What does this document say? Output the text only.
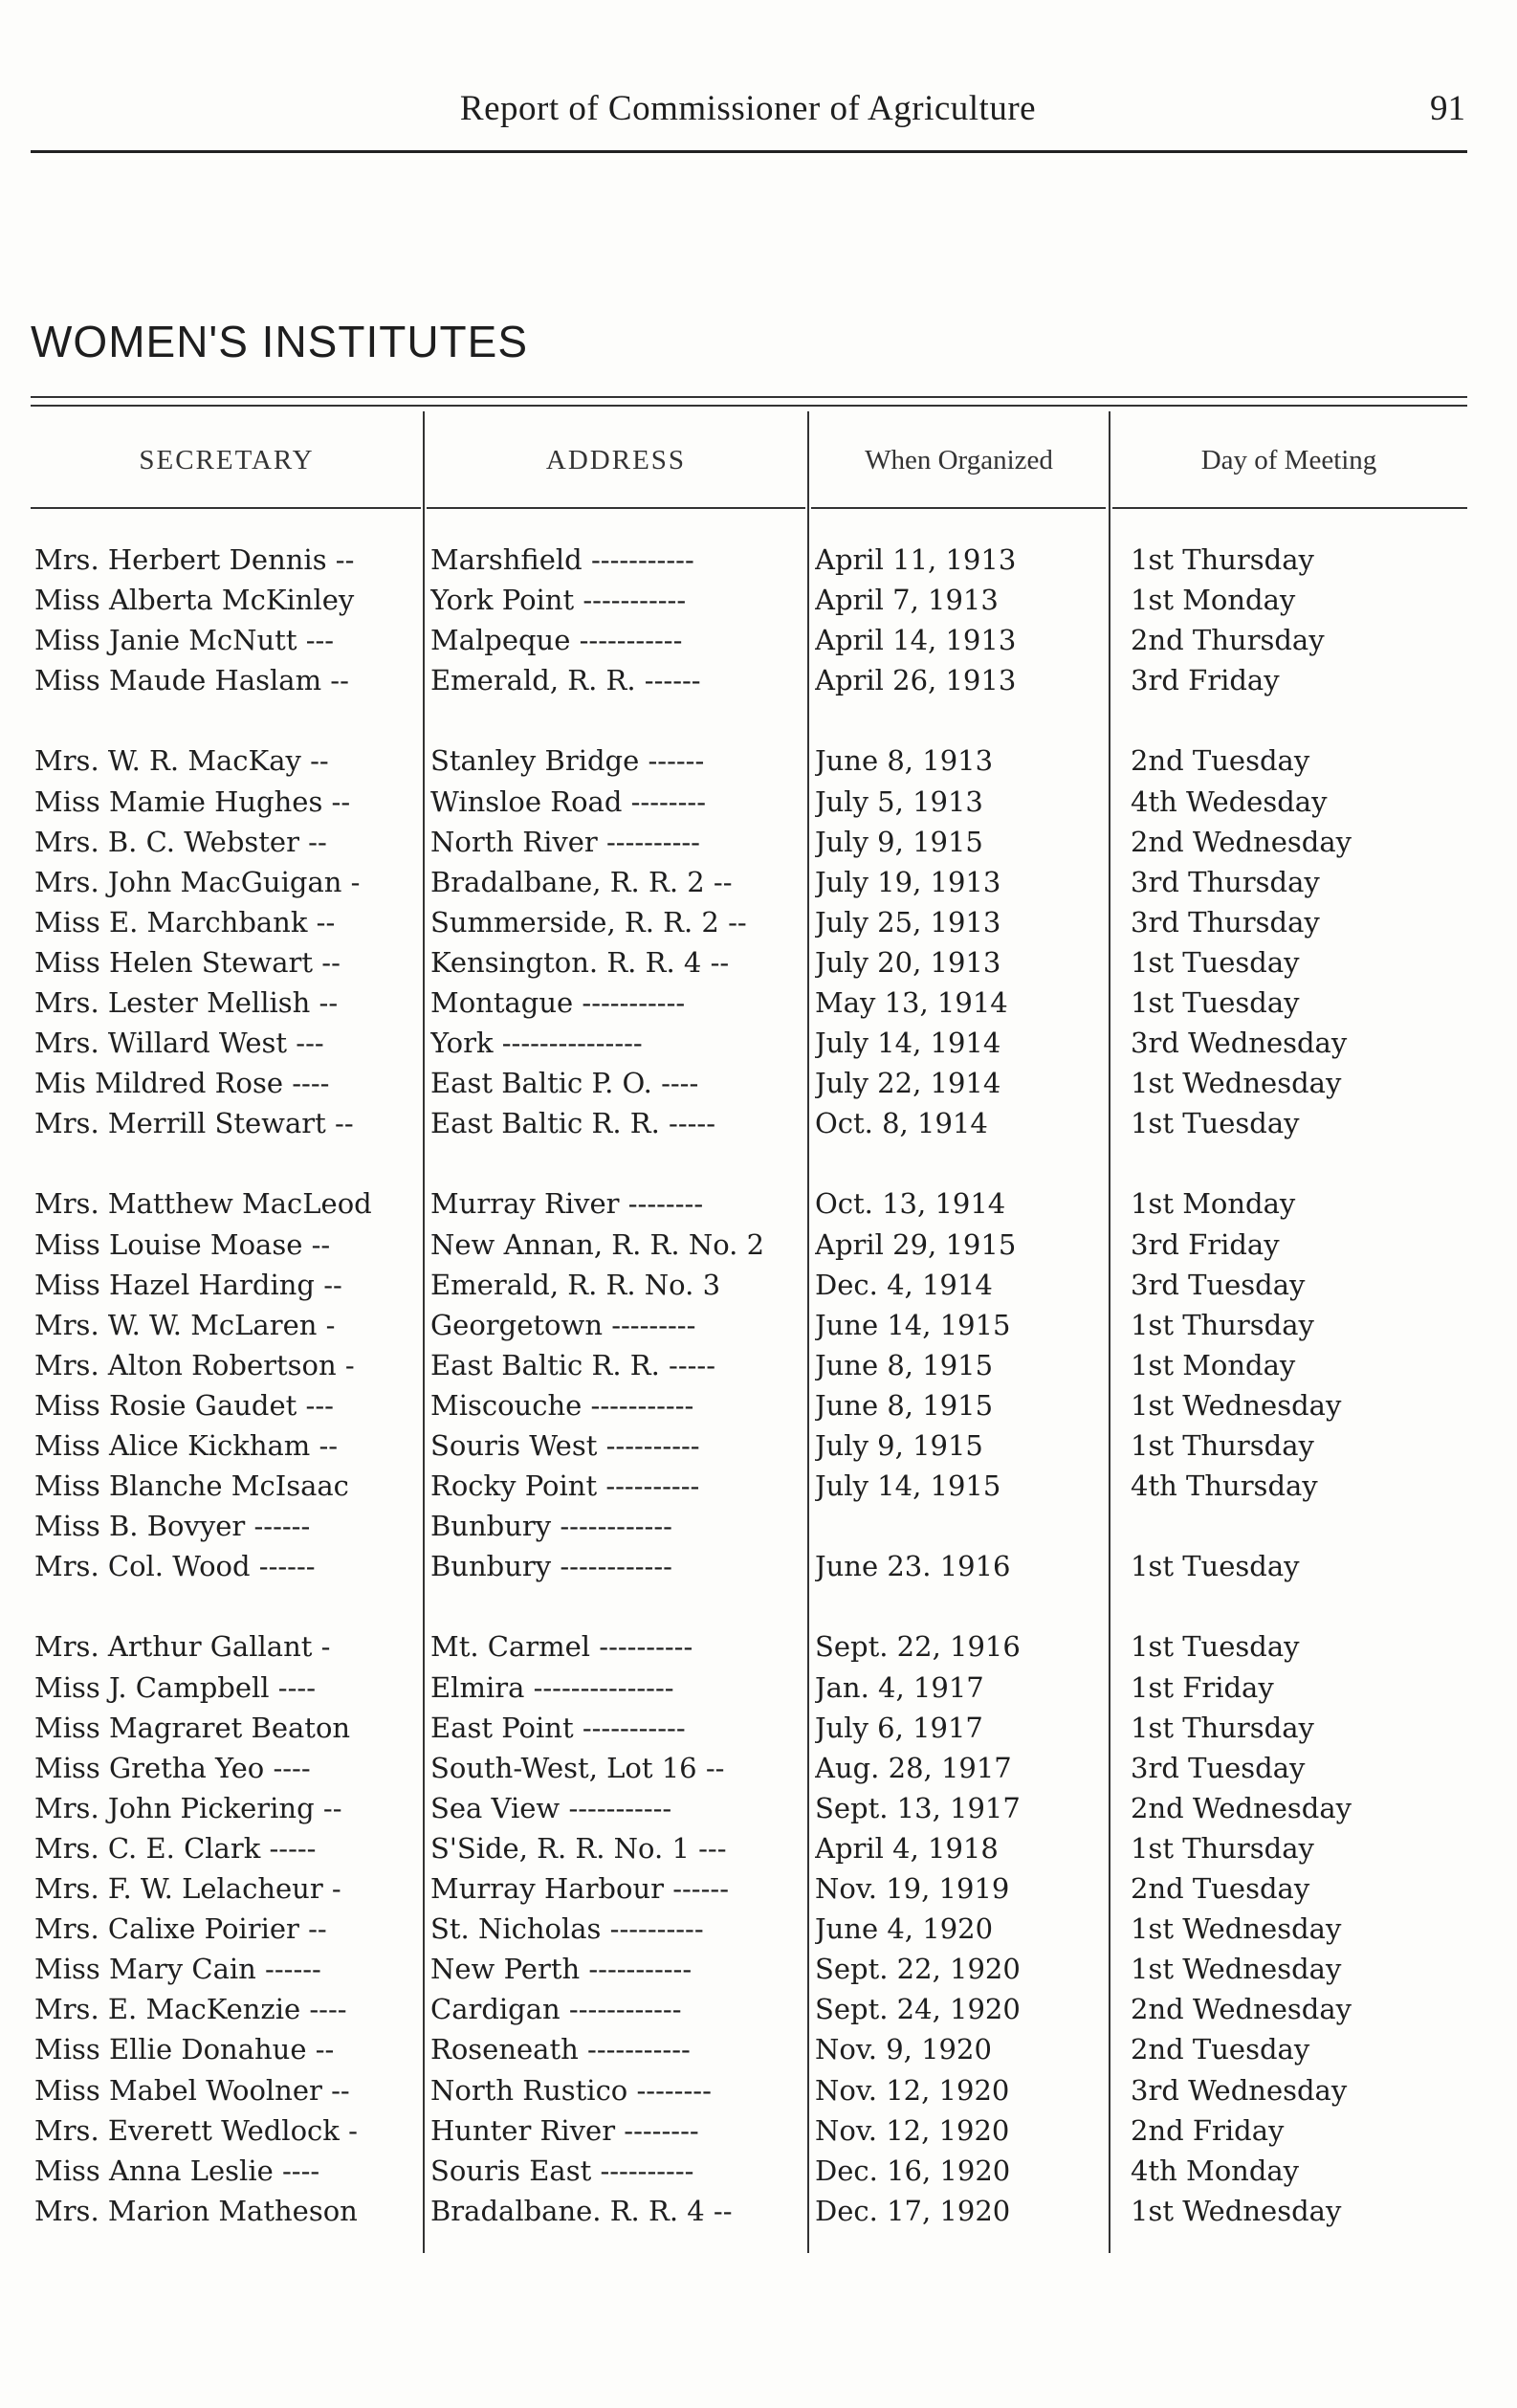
Report of Commissioner of Agriculture	91
WOMEN'S INSTITUTES
SECRETARY	ADDRESS	When Organized	Day of Meeting
Mrs. Herbert Dennis --	Marshfield -----------	April 11, 1913	1st Thursday
Miss Alberta McKinley	York Point -----------	April 7, 1913	1st Monday
Miss Janie McNutt ---	Malpeque -----------	April 14, 1913	2nd Thursday
Miss Maude Haslam --	Emerald, R. R. ------	April 26, 1913	3rd Friday
Mrs. W. R. MacKay --	Stanley Bridge ------	June 8, 1913	2nd Tuesday
Miss Mamie Hughes --	Winsloe Road --------	July 5, 1913	4th Wedesday
Mrs. B. C. Webster --	North River ----------	July 9, 1915	2nd Wednesday
Mrs. John MacGuigan -	Bradalbane, R. R. 2 --	July 19, 1913	3rd Thursday
Miss E. Marchbank --	Summerside, R. R. 2 --	July 25, 1913	3rd Thursday
Miss Helen Stewart --	Kensington. R. R. 4 --	July 20, 1913	1st Tuesday
Mrs. Lester Mellish --	Montague -----------	May 13, 1914	1st Tuesday
Mrs. Willard West ---	York ---------------	July 14, 1914	3rd Wednesday
Mis Mildred Rose ----	East Baltic P. O. ----	July 22, 1914	1st Wednesday
Mrs. Merrill Stewart --	East Baltic R. R. -----	Oct. 8, 1914	1st Tuesday
Mrs. Matthew MacLeod	Murray River --------	Oct. 13, 1914	1st Monday
Miss Louise Moase --	New Annan, R. R. No. 2	April 29, 1915	3rd Friday
Miss Hazel Harding --	Emerald, R. R. No. 3	Dec. 4, 1914	3rd Tuesday
Mrs. W. W. McLaren -	Georgetown ---------	June 14, 1915	1st Thursday
Mrs. Alton Robertson -	East Baltic R. R. -----	June 8, 1915	1st Monday
Miss Rosie Gaudet ---	Miscouche -----------	June 8, 1915	1st Wednesday
Miss Alice Kickham --	Souris West ----------	July 9, 1915	1st Thursday
Miss Blanche McIsaac	Rocky Point ----------	July 14, 1915	4th Thursday
Miss B. Bovyer ------	Bunbury ------------
Mrs. Col. Wood ------	Bunbury ------------	June 23. 1916	1st Tuesday
Mrs. Arthur Gallant -	Mt. Carmel ----------	Sept. 22, 1916	1st Tuesday
Miss J. Campbell ----	Elmira ---------------	Jan. 4, 1917	1st Friday
Miss Magraret Beaton	East Point -----------	July 6, 1917	1st Thursday
Miss Gretha Yeo ----	South-West, Lot 16 --	Aug. 28, 1917	3rd Tuesday
Mrs. John Pickering --	Sea View -----------	Sept. 13, 1917	2nd Wednesday
Mrs. C. E. Clark -----	S'Side, R. R. No. 1 ---	April 4, 1918	1st Thursday
Mrs. F. W. Lelacheur -	Murray Harbour ------	Nov. 19, 1919	2nd Tuesday
Mrs. Calixe Poirier --	St. Nicholas ----------	June 4, 1920	1st Wednesday
Miss Mary Cain ------	New Perth -----------	Sept. 22, 1920	1st Wednesday
Mrs. E. MacKenzie ----	Cardigan ------------	Sept. 24, 1920	2nd Wednesday
Miss Ellie Donahue --	Roseneath -----------	Nov. 9, 1920	2nd Tuesday
Miss Mabel Woolner --	North Rustico --------	Nov. 12, 1920	3rd Wednesday
Mrs. Everett Wedlock -	Hunter River --------	Nov. 12, 1920	2nd Friday
Miss Anna Leslie ----	Souris East ----------	Dec. 16, 1920	4th Monday
Mrs. Marion Matheson	Bradalbane. R. R. 4 --	Dec. 17, 1920	1st Wednesday
